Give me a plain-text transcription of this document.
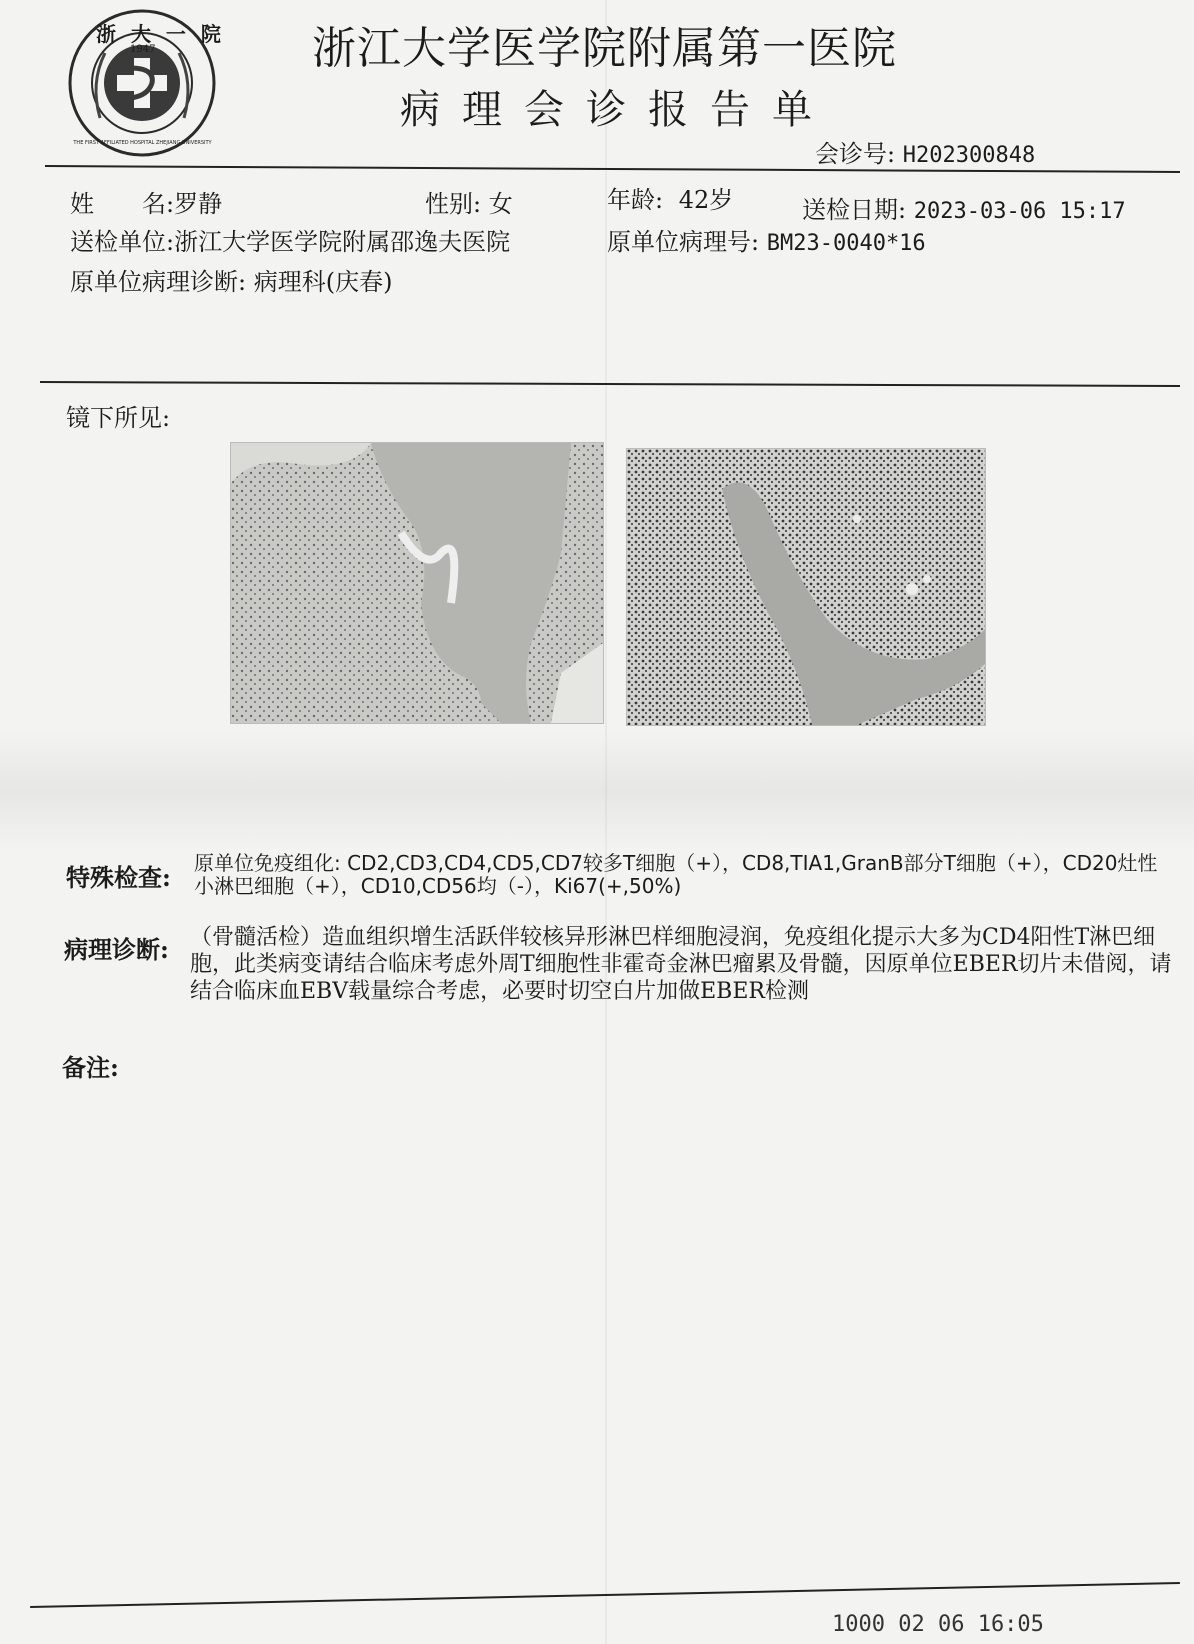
浙 大 一 院
1947
THE FIRST AFFILIATED HOSPITAL ZHEJIANG UNIVERSITY
浙江大学医学院附属第一医院
病理会诊报告单
会诊号: H202300848
姓　　名:罗静	性别: 女	年龄: 42岁	送检日期: 2023-03-06 15:17
送检单位:浙江大学医学院附属邵逸夫医院	原单位病理号: BM23-0040*16
原单位病理诊断: 病理科(庆春)
镜下所见:
特殊检查: 原单位免疫组化: CD2,CD3,CD4,CD5,CD7较多T细胞（+），CD8,TIA1,GranB部分T细胞（+），CD20灶性小淋巴细胞（+），CD10,CD56均（-），Ki67(+,50%)
病理诊断: （骨髓活检）造血组织增生活跃伴较核异形淋巴样细胞浸润，免疫组化提示大多为CD4阳性T淋巴细胞，此类病变请结合临床考虑外周T细胞性非霍奇金淋巴瘤累及骨髓，因原单位EBER切片未借阅，请结合临床血EBV载量综合考虑，必要时切空白片加做EBER检测
备注:
1000 02 06 16:05
